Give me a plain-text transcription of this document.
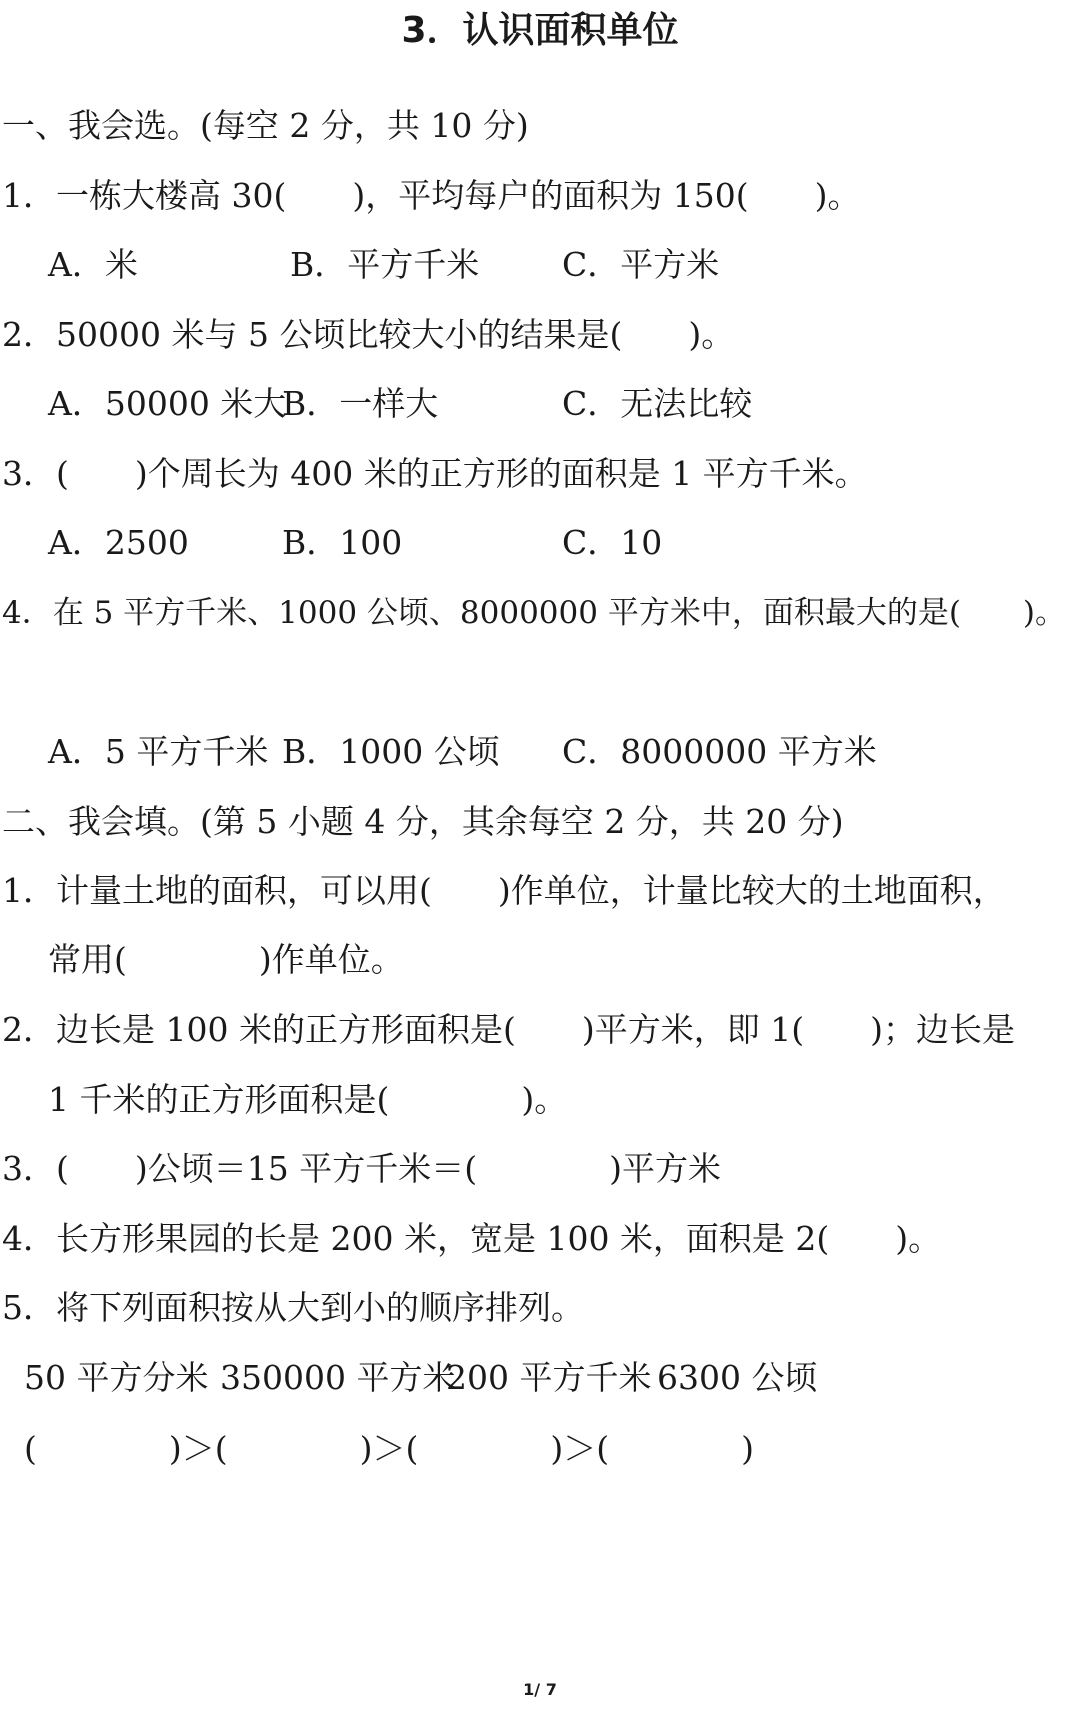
3．认识面积单位
一、我会选。(每空 2 分，共 10 分)
1．一栋大楼高 30(　　)，平均每户的面积为 150(　　)。
A．米	B．平方千米	C．平方米
2．50000 米与 5 公顷比较大小的结果是(　　)。
A．50000 米大
B．一样大	C．无法比较
3．(　　)个周长为 400 米的正方形的面积是 1 平方千米。
A．2500	B．100	C．10
4．在 5 平方千米、1000 公顷、8000000 平方米中，面积最大的是(　　)。
A．5 平方千米 B．1000 公顷 C．8000000 平方米
二、我会填。(第 5 小题 4 分，其余每空 2 分，共 20 分)
1．计量土地的面积，可以用(　　)作单位，计量比较大的土地面积，
常用(　　　　)作单位。
2．边长是 100 米的正方形面积是(　　)平方米，即 1(　　)；边长是
1 千米的正方形面积是(　　　　)。
3．(　　)公顷＝15 平方千米＝(　　　　)平方米
4．长方形果园的长是 200 米，宽是 100 米，面积是 2(　　)。
5．将下列面积按从大到小的顺序排列。
50 平方分米 350000 平方米
200 平方千米 6300 公顷
(　　　　)＞(　　　　)＞(　　　　)＞(　　　　)
1/ 7
